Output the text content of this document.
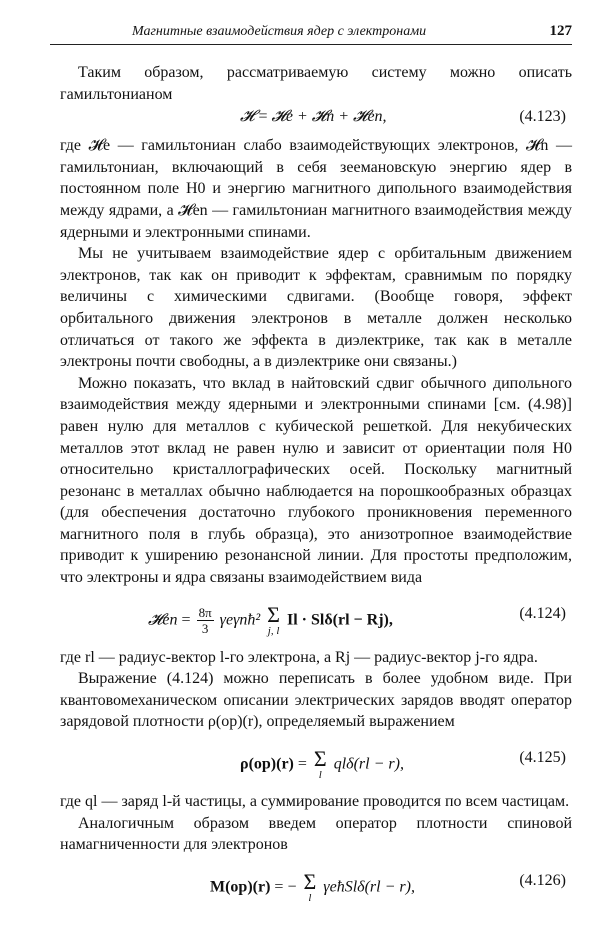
Магнитные взаимодействия ядер с электронами	127

Таким образом, рассматриваемую систему можно описать гамильтонианом

𝓗 = 𝓗e + 𝓗n + 𝓗en,	(4.123)

где 𝓗e — гамильтониан слабо взаимодействующих электронов, 𝓗n — гамильтониан, включающий в себя зеемановскую энергию ядер в постоянном поле H0 и энергию магнитного дипольного взаимодействия между ядрами, а 𝓗en — гамильтониан магнитного взаимодействия между ядерными и электронными спинами.

Мы не учитываем взаимодействие ядер с орбитальным движением электронов, так как он приводит к эффектам, сравнимым по порядку величины с химическими сдвигами. (Вообще говоря, эффект орбитального движения электронов в металле должен несколько отличаться от такого же эффекта в диэлектрике, так как в металле электроны почти свободны, а в диэлектрике они связаны.)

Можно показать, что вклад в найтовский сдвиг обычного дипольного взаимодействия между ядерными и электронными спинами [см. (4.98)] равен нулю для металлов с кубической решеткой. Для некубических металлов этот вклад не равен нулю и зависит от ориентации поля H0 относительно кристаллографических осей. Поскольку магнитный резонанс в металлах обычно наблюдается на порошкообразных образцах (для обеспечения достаточно глубокого проникновения переменного магнитного поля в глубь образца), это анизотропное взаимодействие приводит к уширению резонансной линии. Для простоты предположим, что электроны и ядра связаны взаимодействием вида

𝓗en = $\frac{8\pi}{3}$ γeγnħ² Σ
j, l
Il · Slδ(rl − Rj),	(4.124)

где rl — радиус-вектор l-го электрона, а Rj — радиус-вектор j-го ядра.

Выражение (4.124) можно переписать в более удобном виде. При квантовомеханическом описании электрических зарядов вводят оператор зарядовой плотности ρ(op)(r), определяемый выражением

ρ(op)(r) = Σ
l
qlδ(rl − r),	(4.125)

где ql — заряд l-й частицы, а суммирование проводится по всем частицам.

Аналогичным образом введем оператор плотности спиновой намагниченности для электронов

M(op)(r) = − Σ
l
γeħSlδ(rl − r),	(4.126)
